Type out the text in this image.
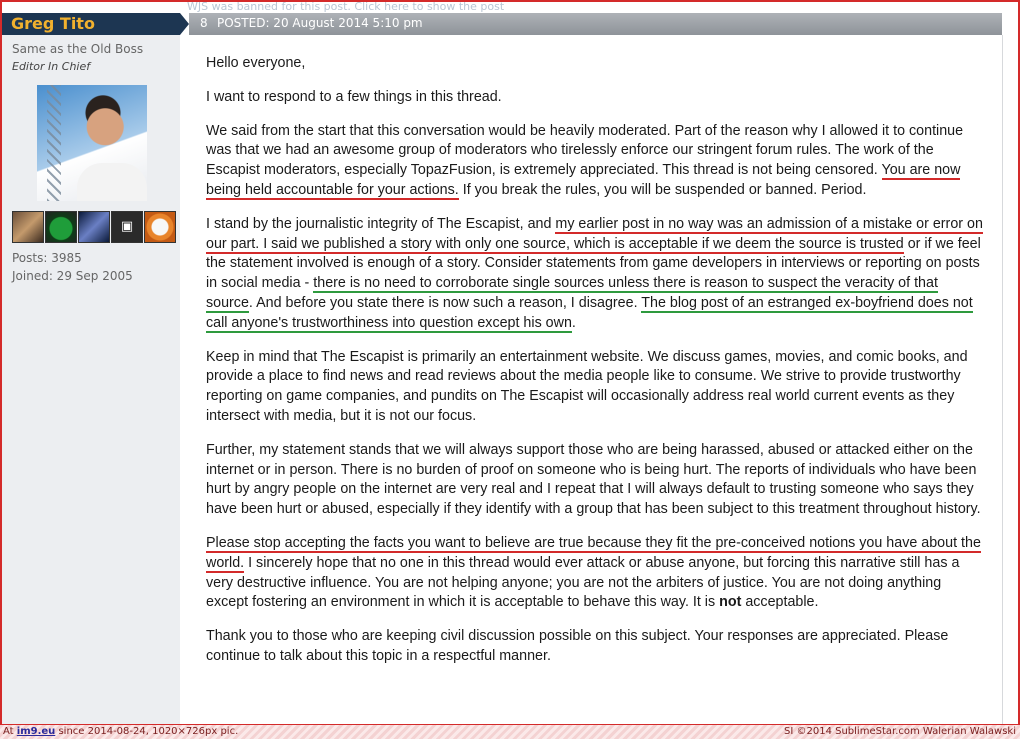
WJS was banned for this post. Click here to show the post
Greg Tito	8 POSTED: 20 August 2014 5:10 pm
Same as the Old Boss
Editor In Chief
▣
Posts: 3985
Joined: 29 Sep 2005

Hello everyone,

I want to respond to a few things in this thread.

We said from the start that this conversation would be heavily moderated. Part of the reason why I allowed it to continue was that we had an awesome group of moderators who tirelessly enforce our stringent forum rules. The work of the Escapist moderators, especially TopazFusion, is extremely appreciated. This thread is not being censored. You are now being held accountable for your actions. If you break the rules, you will be suspended or banned. Period.

I stand by the journalistic integrity of The Escapist, and my earlier post in no way was an admission of a mistake or error on our part. I said we published a story with only one source, which is acceptable if we deem the source is trusted or if we feel the statement involved is enough of a story. Consider statements from game developers in interviews or reporting on posts in social media - there is no need to corroborate single sources unless there is reason to suspect the veracity of that source. And before you state there is now such a reason, I disagree. The blog post of an estranged ex-boyfriend does not call anyone's trustworthiness into question except his own.

Keep in mind that The Escapist is primarily an entertainment website. We discuss games, movies, and comic books, and provide a place to find news and read reviews about the media people like to consume. We strive to provide trustworthy reporting on game companies, and pundits on The Escapist will occasionally address real world current events as they intersect with media, but it is not our focus.

Further, my statement stands that we will always support those who are being harassed, abused or attacked either on the internet or in person. There is no burden of proof on someone who is being hurt. The reports of individuals who have been hurt by angry people on the internet are very real and I repeat that I will always default to trusting someone who says they have been hurt or abused, especially if they identify with a group that has been subject to this treatment throughout history.

Please stop accepting the facts you want to believe are true because they fit the pre-conceived notions you have about the world. I sincerely hope that no one in this thread would ever attack or abuse anyone, but forcing this narrative still has a very destructive influence. You are not helping anyone; you are not the arbiters of justice. You are not doing anything except fostering an environment in which it is acceptable to behave this way. It is not acceptable.

Thank you to those who are keeping civil discussion possible on this subject. Your responses are appreciated. Please continue to talk about this topic in a respectful manner.

At im9.eu since 2014-08-24, 1020×726px pic.	SI ©2014 SublimeStar.com Walerian Walawski
